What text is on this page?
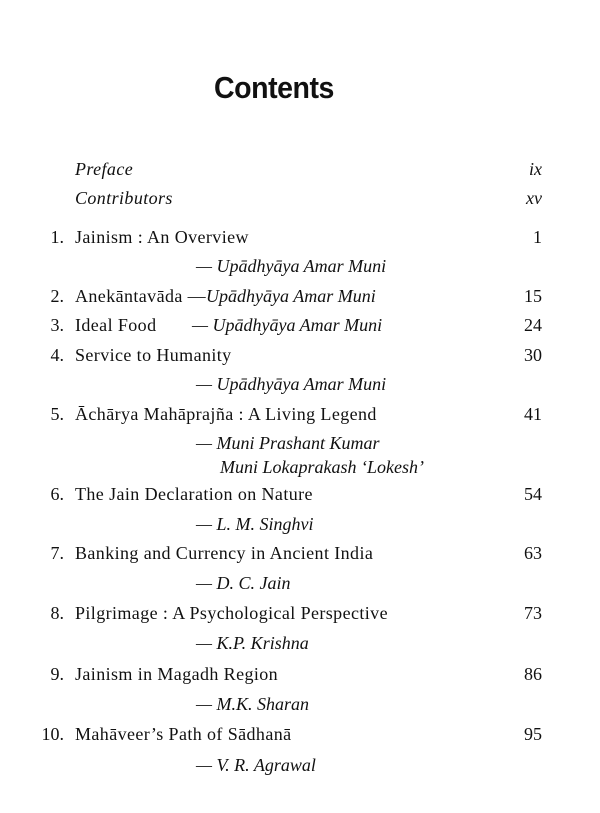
Contents
Preface	ix
Contributors	xv
1. Jainism : An Overview	1
— Upādhyāya Amar Muni
2. Anekāntavāda —Upādhyāya Amar Muni	15
3. Ideal Food — Upādhyāya Amar Muni	24
4. Service to Humanity	30
— Upādhyāya Amar Muni
5. Āchārya Mahāprajña : A Living Legend	41
— Muni Prashant Kumar
Muni Lokaprakash ‘Lokesh’
6. The Jain Declaration on Nature	54
— L. M. Singhvi
7. Banking and Currency in Ancient India	63
— D. C. Jain
8. Pilgrimage : A Psychological Perspective	73
— K.P. Krishna
9. Jainism in Magadh Region	86
— M.K. Sharan
10. Mahāveer’s Path of Sādhanā	95
— V. R. Agrawal
